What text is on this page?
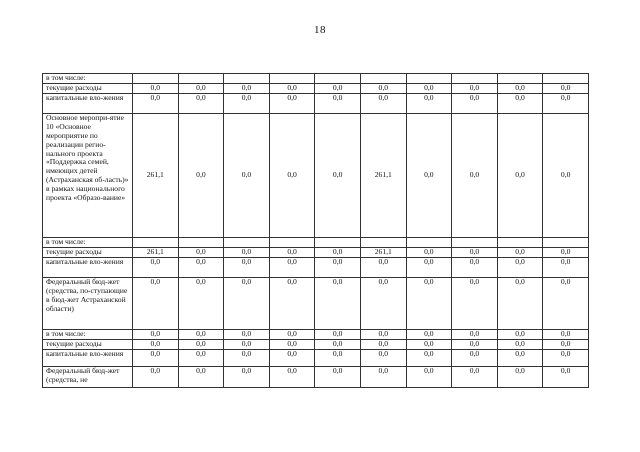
18
в том числе:										
текущие расходы	0,0	0,0	0,0	0,0	0,0	0,0	0,0	0,0	0,0	0,0
капитальные вло-жения	0,0	0,0	0,0	0,0	0,0	0,0	0,0	0,0	0,0	0,0
Основное меропри-ятие 10 «Основное мероприятие по реализации регио-нального проекта «Поддержка семей, имеющих детей (Астраханская об-ласть)» в рамках национального проекта «Образо-вание»	261,1	0,0	0,0	0,0	0,0	261,1	0,0	0,0	0,0	0,0
в том числе:										
текущие расходы	261,1	0,0	0,0	0,0	0,0	261,1	0,0	0,0	0,0	0,0
капитальные вло-жения	0,0	0,0	0,0	0,0	0,0	0,0	0,0	0,0	0,0	0,0
Федеральный бюд-жет (средства, по-ступающие в бюд-жет Астраханской области)	0,0	0,0	0,0	0,0	0,0	0,0	0,0	0,0	0,0	0,0
в том числе:	0,0	0,0	0,0	0,0	0,0	0,0	0,0	0,0	0,0	0,0
текущие расходы	0,0	0,0	0,0	0,0	0,0	0,0	0,0	0,0	0,0	0,0
капитальные вло-жения	0,0	0,0	0,0	0,0	0,0	0,0	0,0	0,0	0,0	0,0
Федеральный бюд-жет (средства, не	0,0	0,0	0,0	0,0	0,0	0,0	0,0	0,0	0,0	0,0
